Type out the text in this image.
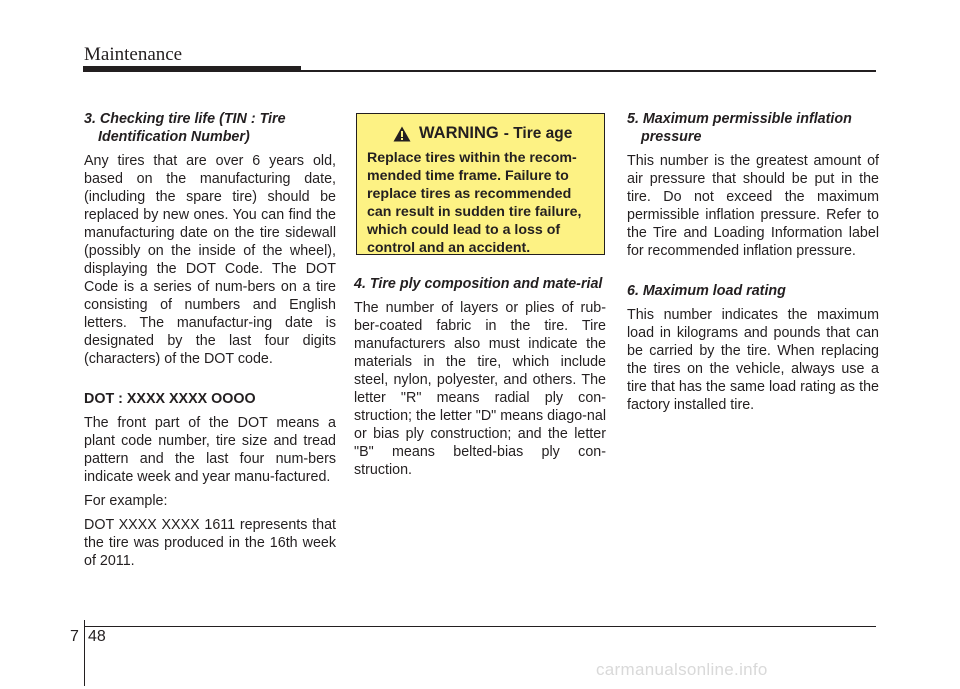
Maintenance
3. Checking tire life (TIN : Tire Identification Number)
Any tires that are over 6 years old, based on the manufacturing date, (including the spare tire) should be replaced by new ones. You can find the manufacturing date on the tire sidewall (possibly on the inside of the wheel), displaying the DOT Code. The DOT Code is a series of num-bers on a tire consisting of numbers and English letters. The manufactur-ing date is designated by the last four digits (characters) of the DOT code.
DOT : XXXX XXXX OOOO
The front part of the DOT means a plant code number, tire size and tread pattern and the last four num-bers indicate week and year manu-factured.
For example:
DOT XXXX XXXX 1611 represents that the tire was produced in the 16th week of 2011.
WARNING - Tire age
Replace tires within the recom-mended time frame. Failure to replace tires as recommended can result in sudden tire failure, which could lead to a loss of control and an accident.
4. Tire ply composition and mate-rial
The number of layers or plies of rub-ber-coated fabric in the tire. Tire manufacturers also must indicate the materials in the tire, which include steel, nylon, polyester, and others. The letter "R" means radial ply con-struction; the letter "D" means diago-nal or bias ply construction; and the letter "B" means belted-bias ply con-struction.
5. Maximum permissible inflation pressure
This number is the greatest amount of air pressure that should be put in the tire. Do not exceed the maximum permissible inflation pressure. Refer to the Tire and Loading Information label for recommended inflation pressure.
6. Maximum load rating
This number indicates the maximum load in kilograms and pounds that can be carried by the tire. When replacing the tires on the vehicle, always use a tire that has the same load rating as the factory installed tire.
7 48
carmanualsonline.info
